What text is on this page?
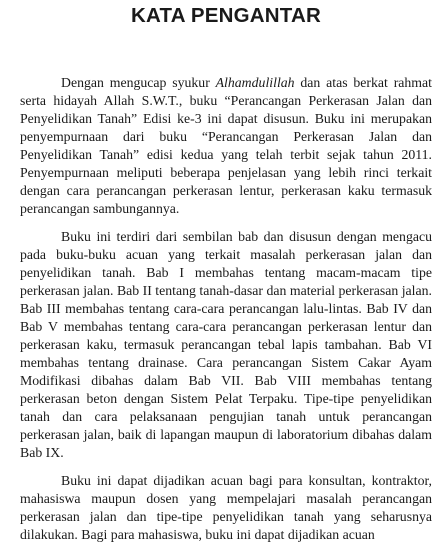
KATA PENGANTAR

Dengan mengucap syukur Alhamdulillah dan atas berkat rahmat serta hidayah Allah S.W.T., buku “Perancangan Perkerasan Jalan dan Penyelidikan Tanah” Edisi ke-3 ini dapat disusun. Buku ini merupakan penyempurnaan dari buku “Perancangan Perkerasan Jalan dan Penyelidikan Tanah” edisi kedua yang telah terbit sejak tahun 2011. Penyempurnaan meliputi beberapa penjelasan yang lebih rinci terkait dengan cara perancangan perkerasan lentur, perkerasan kaku termasuk perancangan sambungannya.

Buku ini terdiri dari sembilan bab dan disusun dengan mengacu pada buku-buku acuan yang terkait masalah perkerasan jalan dan penyelidikan tanah. Bab I membahas tentang macam-macam tipe perkerasan jalan. Bab II tentang tanah-dasar dan material perkerasan jalan. Bab III membahas tentang cara-cara perancangan lalu-lintas. Bab IV dan Bab V membahas tentang cara-cara perancangan perkerasan lentur dan perkerasan kaku, termasuk perancangan tebal lapis tambahan. Bab VI membahas tentang drainase. Cara perancangan Sistem Cakar Ayam Modifikasi dibahas dalam Bab VII. Bab VIII membahas tentang perkerasan beton dengan Sistem Pelat Terpaku. Tipe-tipe penyelidikan tanah dan cara pelaksanaan pengujian tanah untuk perancangan perkerasan jalan, baik di lapangan maupun di laboratorium dibahas dalam Bab IX.

Buku ini dapat dijadikan acuan bagi para konsultan, kontraktor, mahasiswa maupun dosen yang mempelajari masalah perancangan perkerasan jalan dan tipe-tipe penyelidikan tanah yang seharusnya dilakukan. Bagi para mahasiswa, buku ini dapat dijadikan acuan
